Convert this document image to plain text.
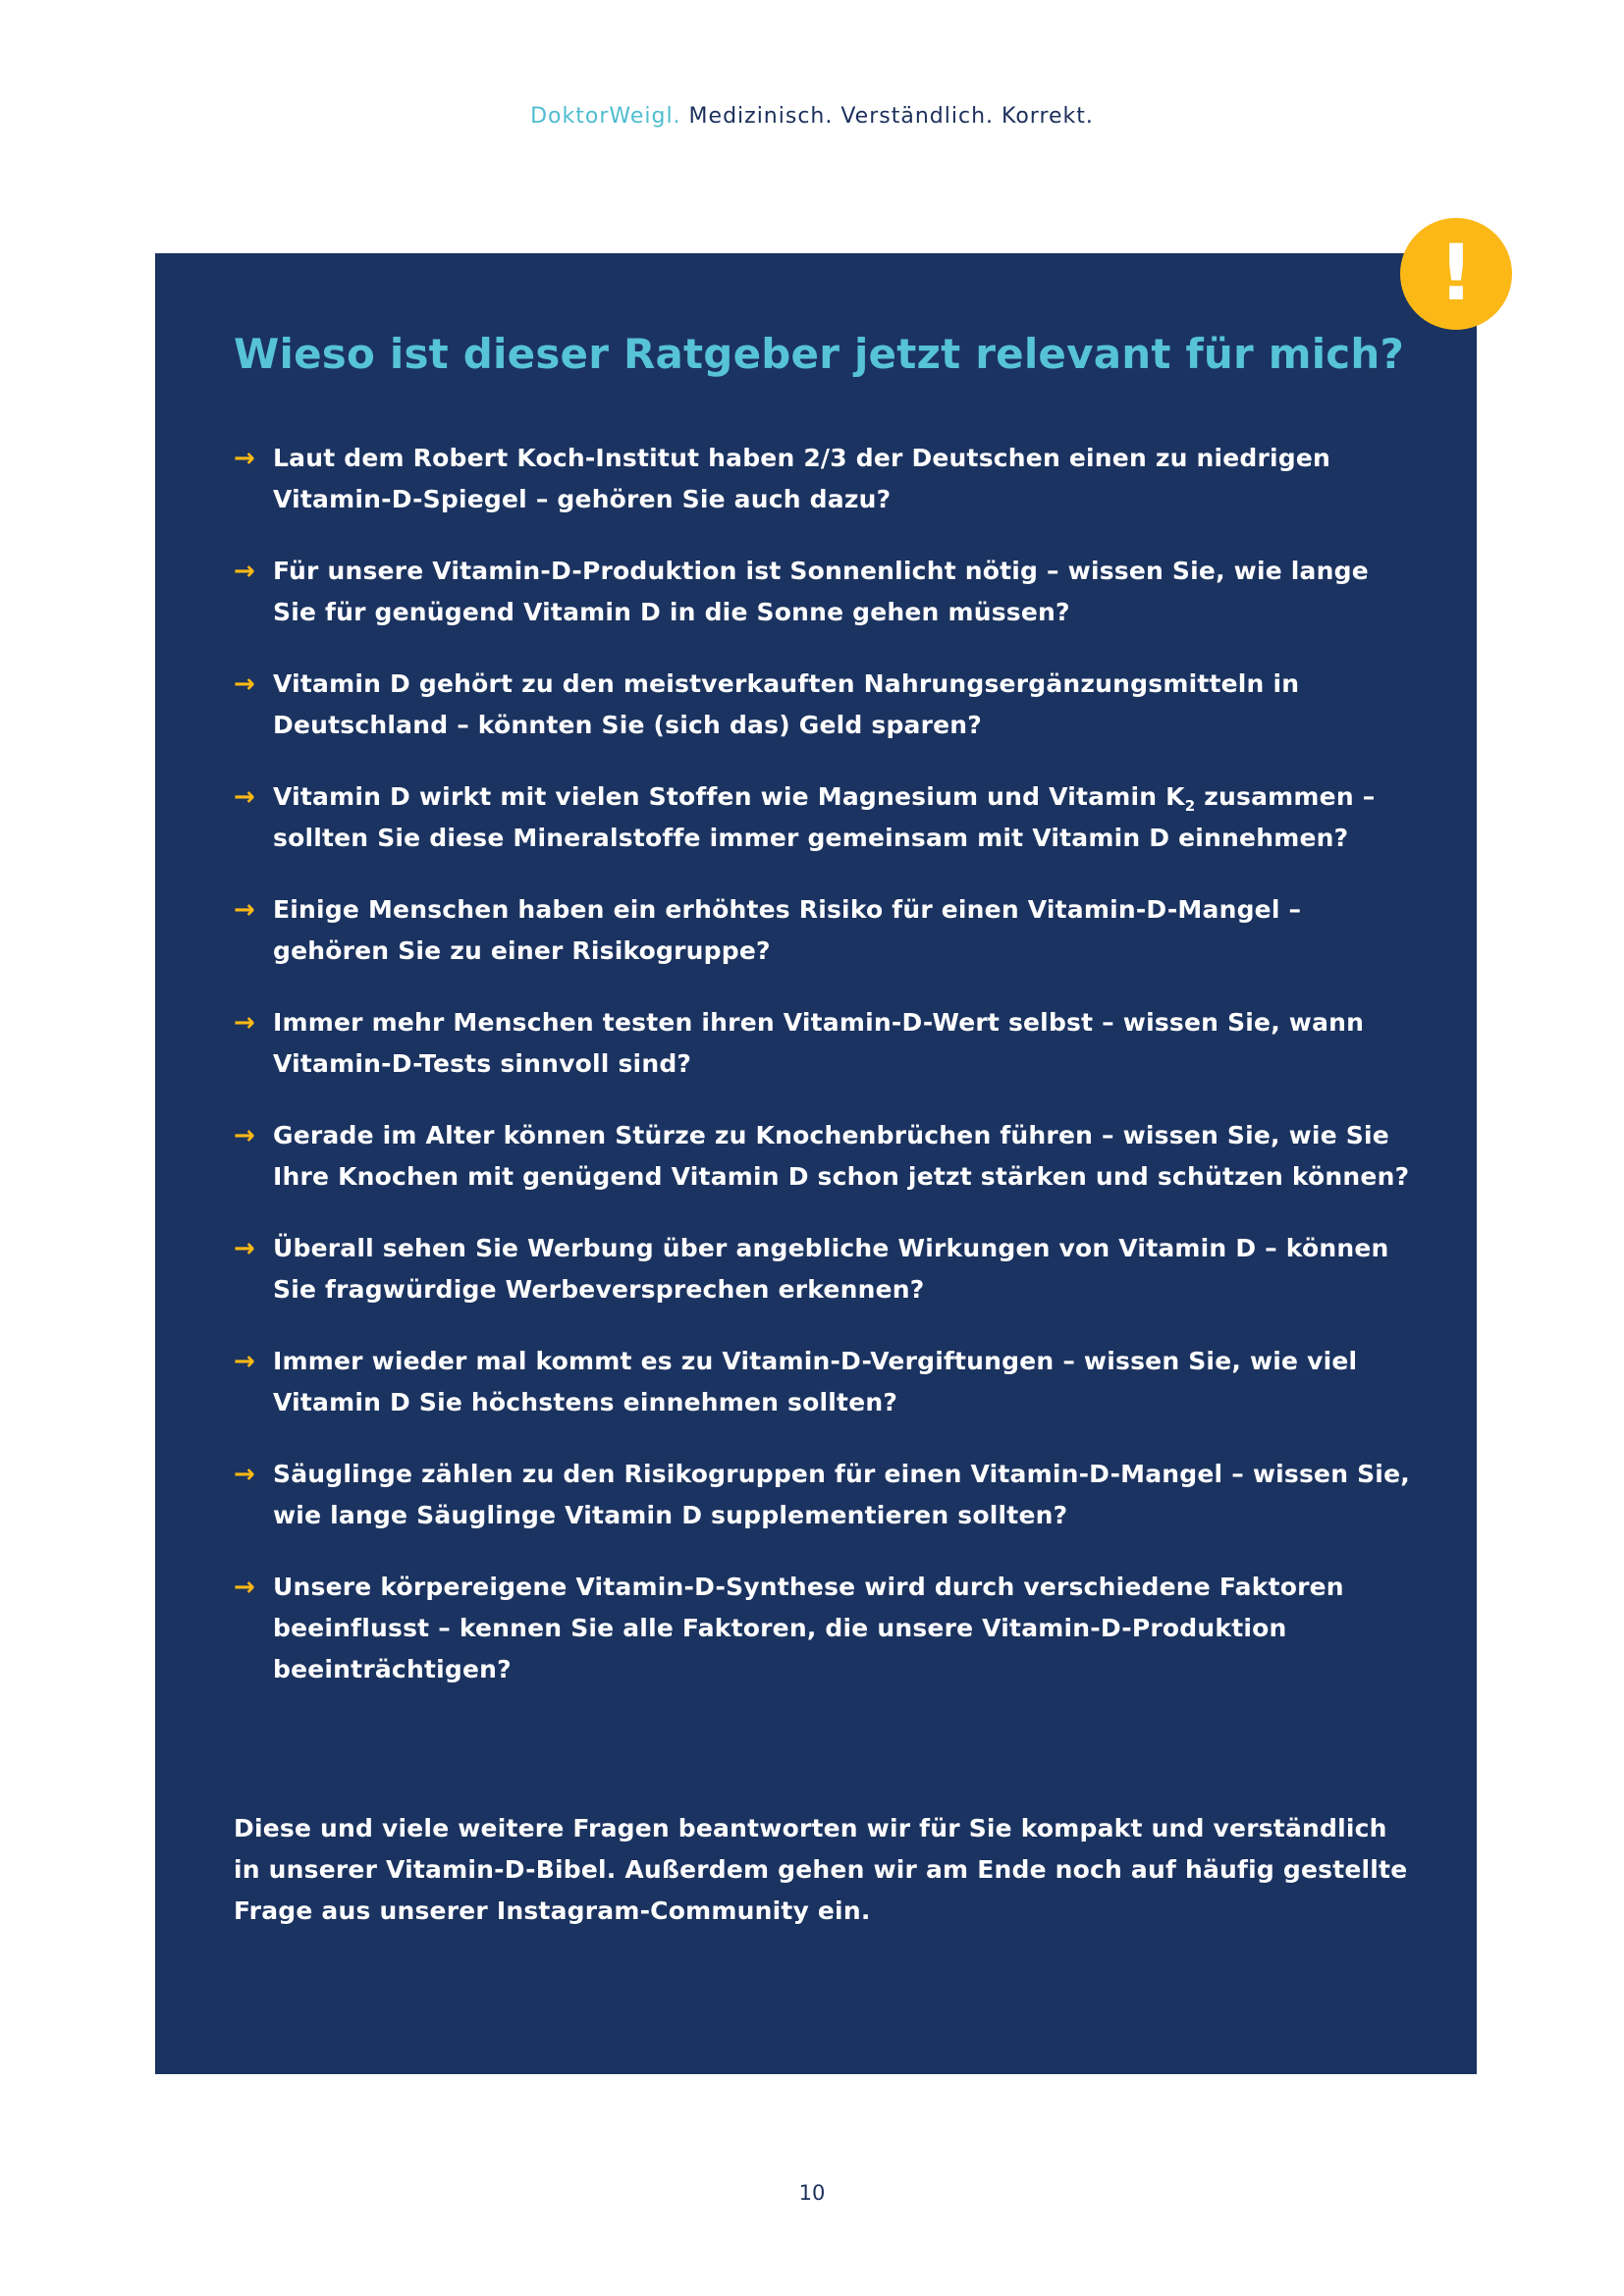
DoktorWeigl. Medizinisch. Verständlich. Korrekt.
Wieso ist dieser Ratgeber jetzt relevant für mich?
→ Laut dem Robert Koch-Institut haben 2/3 der Deutschen einen zu niedrigen Vitamin-D-Spiegel – gehören Sie auch dazu?
→ Für unsere Vitamin-D-Produktion ist Sonnenlicht nötig – wissen Sie, wie lange Sie für genügend Vitamin D in die Sonne gehen müssen?
→ Vitamin D gehört zu den meistverkauften Nahrungsergänzungsmitteln in Deutschland – könnten Sie (sich das) Geld sparen?
→ Vitamin D wirkt mit vielen Stoffen wie Magnesium und Vitamin $K_2$ zusammen – sollten Sie diese Mineralstoffe immer gemeinsam mit Vitamin D einnehmen?
→ Einige Menschen haben ein erhöhtes Risiko für einen Vitamin-D-Mangel – gehören Sie zu einer Risikogruppe?
→ Immer mehr Menschen testen ihren Vitamin-D-Wert selbst – wissen Sie, wann Vitamin-D-Tests sinnvoll sind?
→ Gerade im Alter können Stürze zu Knochenbrüchen führen – wissen Sie, wie Sie Ihre Knochen mit genügend Vitamin D schon jetzt stärken und schützen können?
→ Überall sehen Sie Werbung über angebliche Wirkungen von Vitamin D – können Sie fragwürdige Werbeversprechen erkennen?
→ Immer wieder mal kommt es zu Vitamin-D-Vergiftungen – wissen Sie, wie viel Vitamin D Sie höchstens einnehmen sollten?
→ Säuglinge zählen zu den Risikogruppen für einen Vitamin-D-Mangel – wissen Sie, wie lange Säuglinge Vitamin D supplementieren sollten?
→ Unsere körpereigene Vitamin-D-Synthese wird durch verschiedene Faktoren beeinflusst – kennen Sie alle Faktoren, die unsere Vitamin-D-Produktion beeinträchtigen?

Diese und viele weitere Fragen beantworten wir für Sie kompakt und verständlich in unserer Vitamin-D-Bibel. Außerdem gehen wir am Ende noch auf häufig gestellte Frage aus unserer Instagram-Community ein.

!
10
